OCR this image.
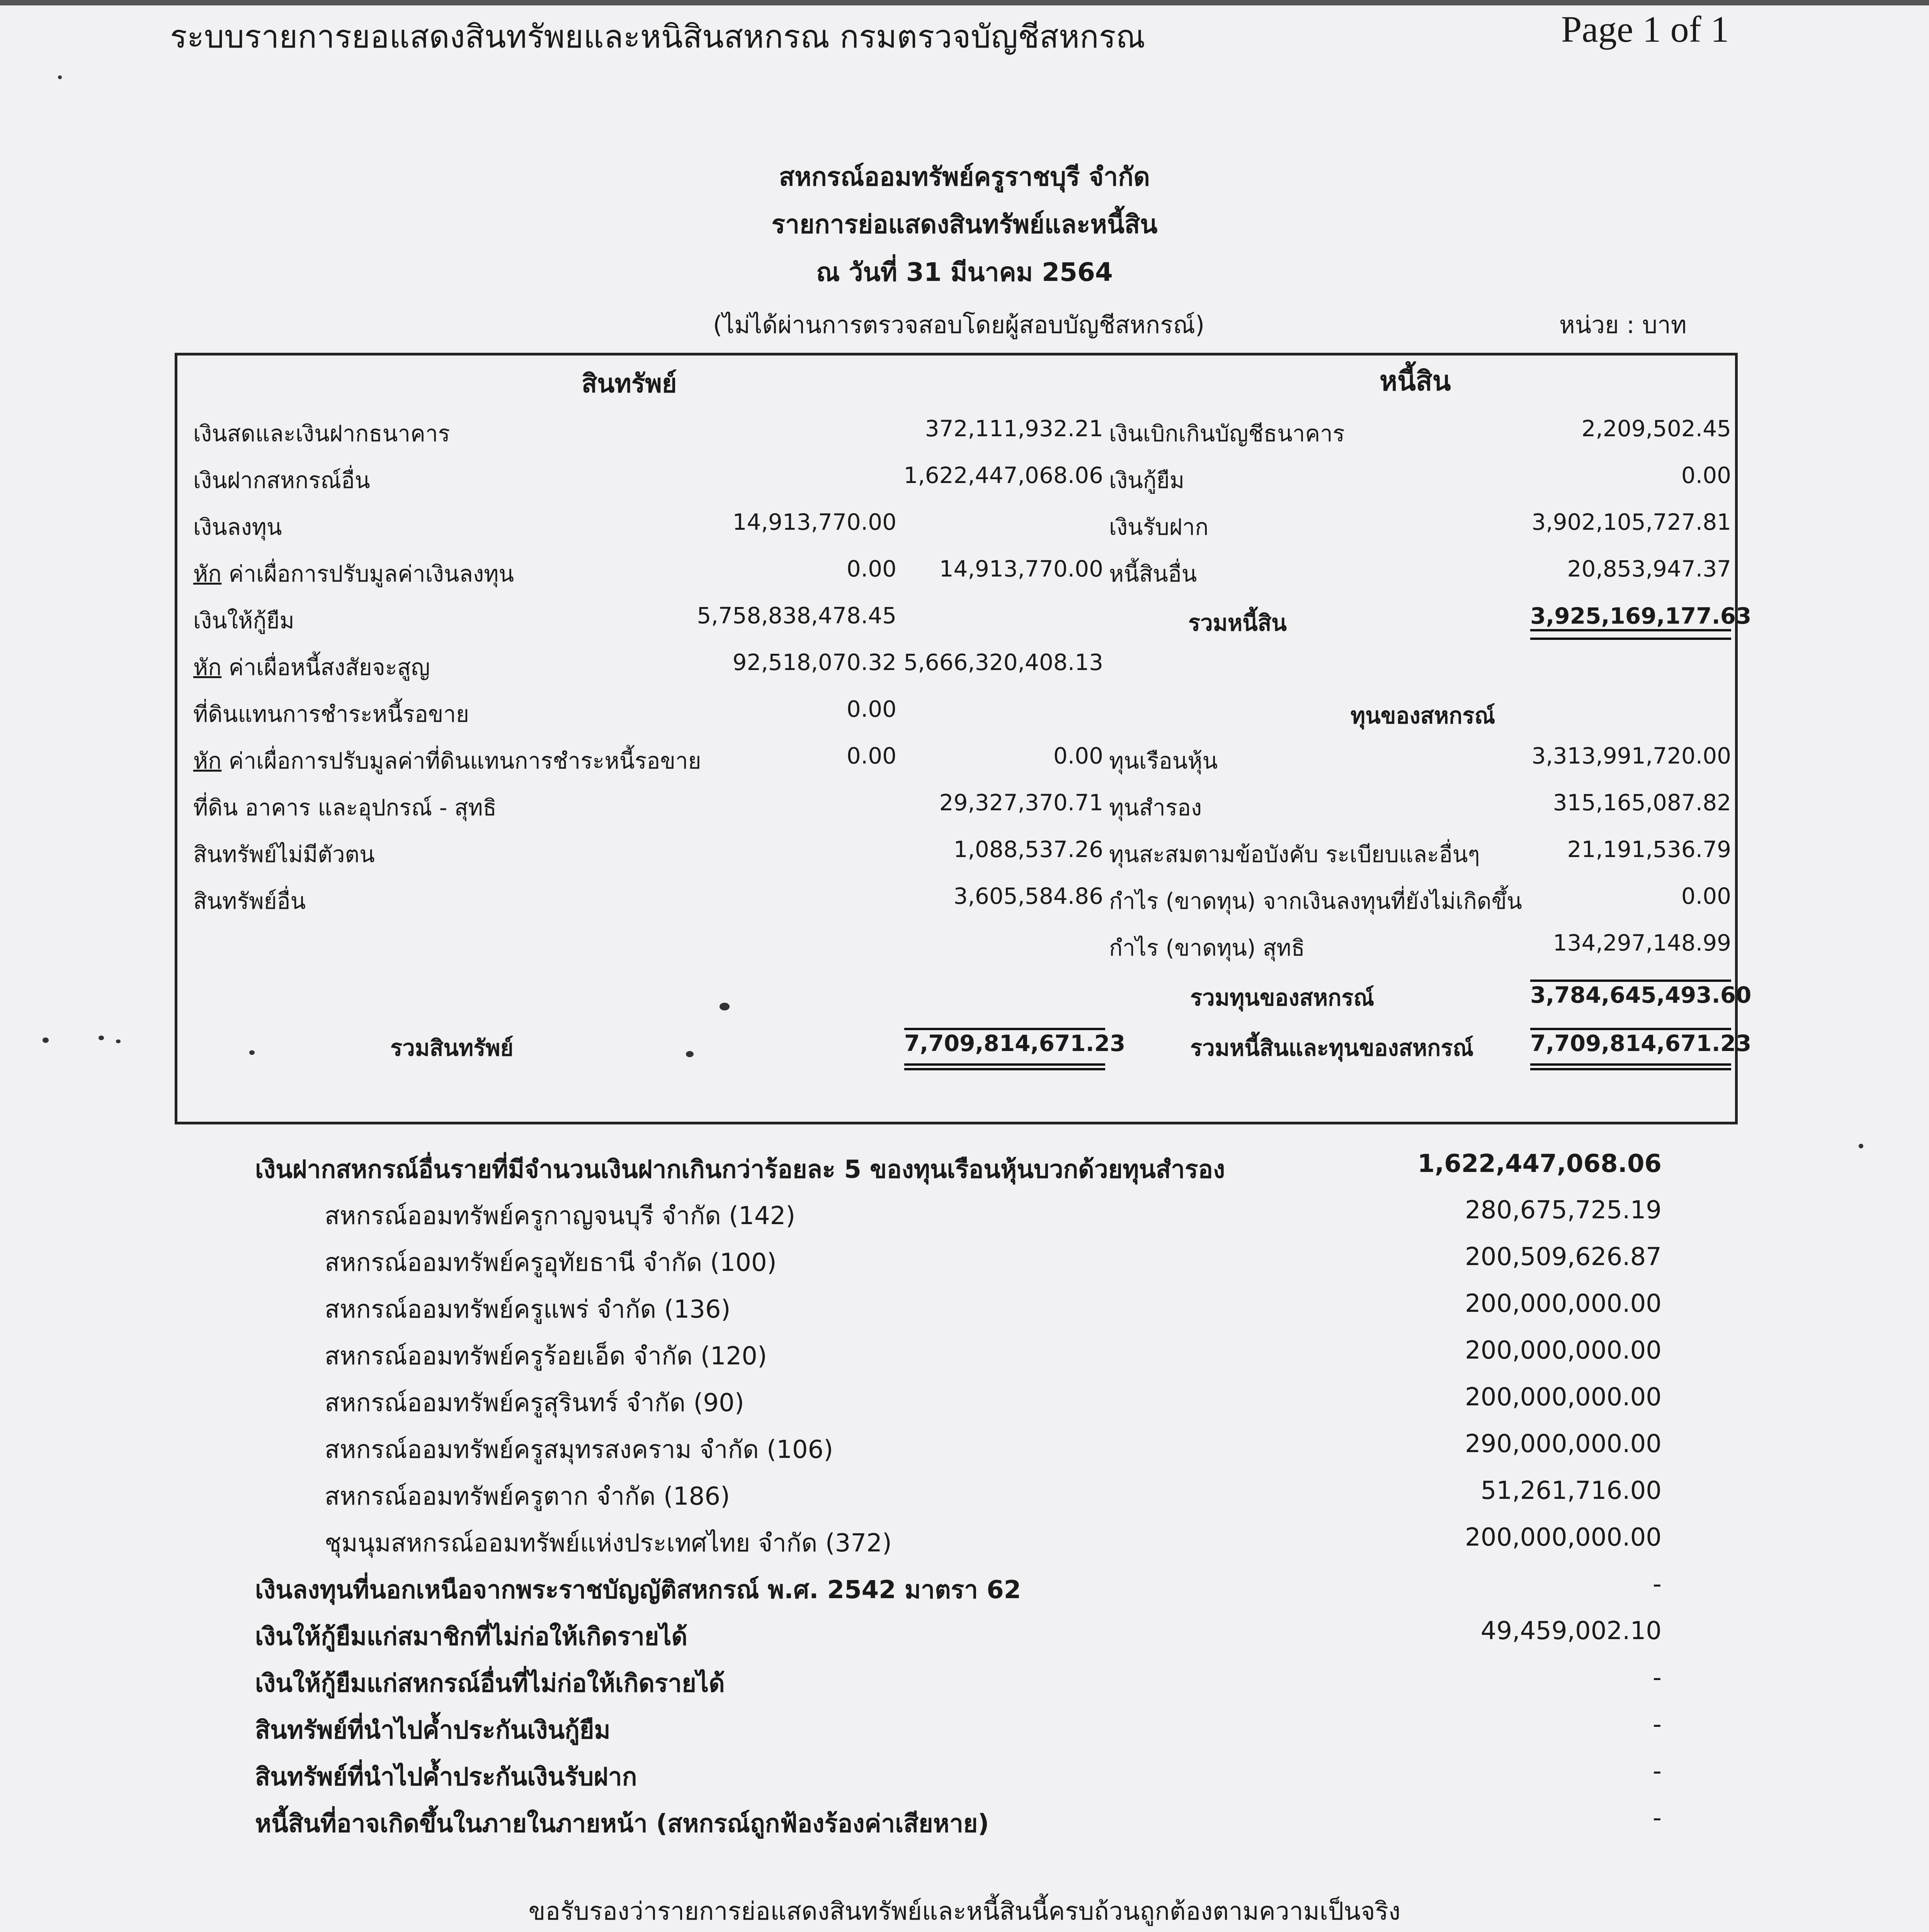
ระบบรายการยอแสดงสินทรัพยและหนิสินสหกรณ กรมตรวจบัญชีสหกรณ	Page 1 of 1
สหกรณ์ออมทรัพย์ครูราชบุรี จำกัด
รายการย่อแสดงสินทรัพย์และหนี้สิน
ณ วันที่ 31 มีนาคม 2564
(ไม่ได้ผ่านการตรวจสอบโดยผู้สอบบัญชีสหกรณ์)	หน่วย : บาท
สินทรัพย์	หนี้สิน
เงินสดและเงินฝากธนาคาร	372,111,932.21
เงินฝากสหกรณ์อื่น	1,622,447,068.06
เงินลงทุน	14,913,770.00
หัก ค่าเผื่อการปรับมูลค่าเงินลงทุน	0.00	14,913,770.00
เงินให้กู้ยืม	5,758,838,478.45
หัก ค่าเผื่อหนี้สงสัยจะสูญ	92,518,070.32 5,666,320,408.13
ที่ดินแทนการชำระหนี้รอขาย	0.00
หัก ค่าเผื่อการปรับมูลค่าที่ดินแทนการชำระหนี้รอขาย	0.00	0.00
ที่ดิน อาคาร และอุปกรณ์ - สุทธิ	29,327,370.71
สินทรัพย์ไม่มีตัวตน	1,088,537.26
สินทรัพย์อื่น	3,605,584.86
เงินเบิกเกินบัญชีธนาคาร	2,209,502.45
เงินกู้ยืม	0.00
เงินรับฝาก	3,902,105,727.81
หนี้สินอื่น	20,853,947.37
รวมหนี้สิน	3,925,169,177.63
ทุนของสหกรณ์
ทุนเรือนหุ้น	3,313,991,720.00
ทุนสำรอง	315,165,087.82
ทุนสะสมตามข้อบังคับ ระเบียบและอื่นๆ	21,191,536.79
กำไร (ขาดทุน) จากเงินลงทุนที่ยังไม่เกิดขึ้น	0.00
กำไร (ขาดทุน) สุทธิ	134,297,148.99
รวมทุนของสหกรณ์	3,784,645,493.60
รวมสินทรัพย์	7,709,814,671.23	รวมหนี้สินและทุนของสหกรณ์	7,709,814,671.23
เงินฝากสหกรณ์อื่นรายที่มีจำนวนเงินฝากเกินกว่าร้อยละ 5 ของทุนเรือนหุ้นบวกด้วยทุนสำรอง	1,622,447,068.06
สหกรณ์ออมทรัพย์ครูกาญจนบุรี จำกัด (142)	280,675,725.19
สหกรณ์ออมทรัพย์ครูอุทัยธานี จำกัด (100)	200,509,626.87
สหกรณ์ออมทรัพย์ครูแพร่ จำกัด (136)	200,000,000.00
สหกรณ์ออมทรัพย์ครูร้อยเอ็ด จำกัด (120)	200,000,000.00
สหกรณ์ออมทรัพย์ครูสุรินทร์ จำกัด (90)	200,000,000.00
สหกรณ์ออมทรัพย์ครูสมุทรสงคราม จำกัด (106)	290,000,000.00
สหกรณ์ออมทรัพย์ครูตาก จำกัด (186)	51,261,716.00
ชุมนุมสหกรณ์ออมทรัพย์แห่งประเทศไทย จำกัด (372)	200,000,000.00
เงินลงทุนที่นอกเหนือจากพระราชบัญญัติสหกรณ์ พ.ศ. 2542 มาตรา 62	-
เงินให้กู้ยืมแก่สมาชิกที่ไม่ก่อให้เกิดรายได้	49,459,002.10
เงินให้กู้ยืมแก่สหกรณ์อื่นที่ไม่ก่อให้เกิดรายได้	-
สินทรัพย์ที่นำไปค้ำประกันเงินกู้ยืม	-
สินทรัพย์ที่นำไปค้ำประกันเงินรับฝาก	-
หนี้สินที่อาจเกิดขึ้นในภายในภายหน้า (สหกรณ์ถูกฟ้องร้องค่าเสียหาย)	-
ขอรับรองว่ารายการย่อแสดงสินทรัพย์และหนี้สินนี้ครบถ้วนถูกต้องตามความเป็นจริง
